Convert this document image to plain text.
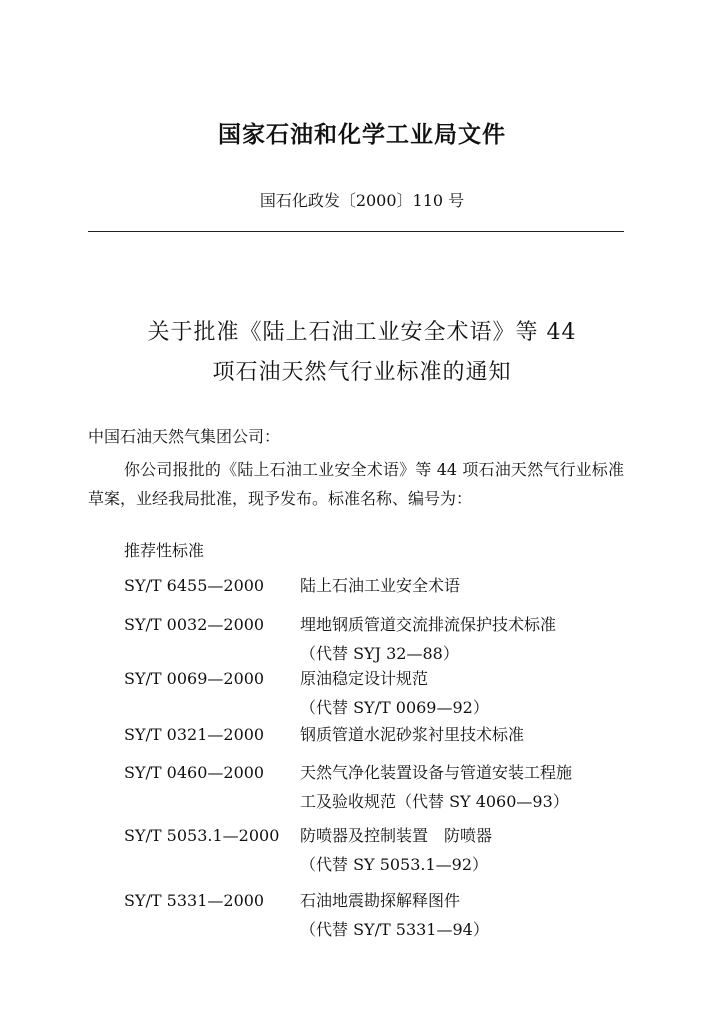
国家石油和化学工业局文件
国石化政发〔2000〕110 号
关于批准《陆上石油工业安全术语》等 44
项石油天然气行业标准的通知
中国石油天然气集团公司：
你公司报批的《陆上石油工业安全术语》等 44 项石油天然气行业标准草案，业经我局批准，现予发布。标准名称、编号为：
推荐性标准
SY/T 6455—2000	陆上石油工业安全术语
SY/T 0032—2000	埋地钢质管道交流排流保护技术标准
（代替 SYJ 32—88）
SY/T 0069—2000	原油稳定设计规范
（代替 SY/T 0069—92）
SY/T 0321—2000	钢质管道水泥砂浆衬里技术标准
SY/T 0460—2000	天然气净化装置设备与管道安装工程施
工及验收规范（代替 SY 4060—93）
SY/T 5053.1—2000	防喷器及控制装置　防喷器
（代替 SY 5053.1—92）
SY/T 5331—2000	石油地震勘探解释图件
（代替 SY/T 5331—94）
